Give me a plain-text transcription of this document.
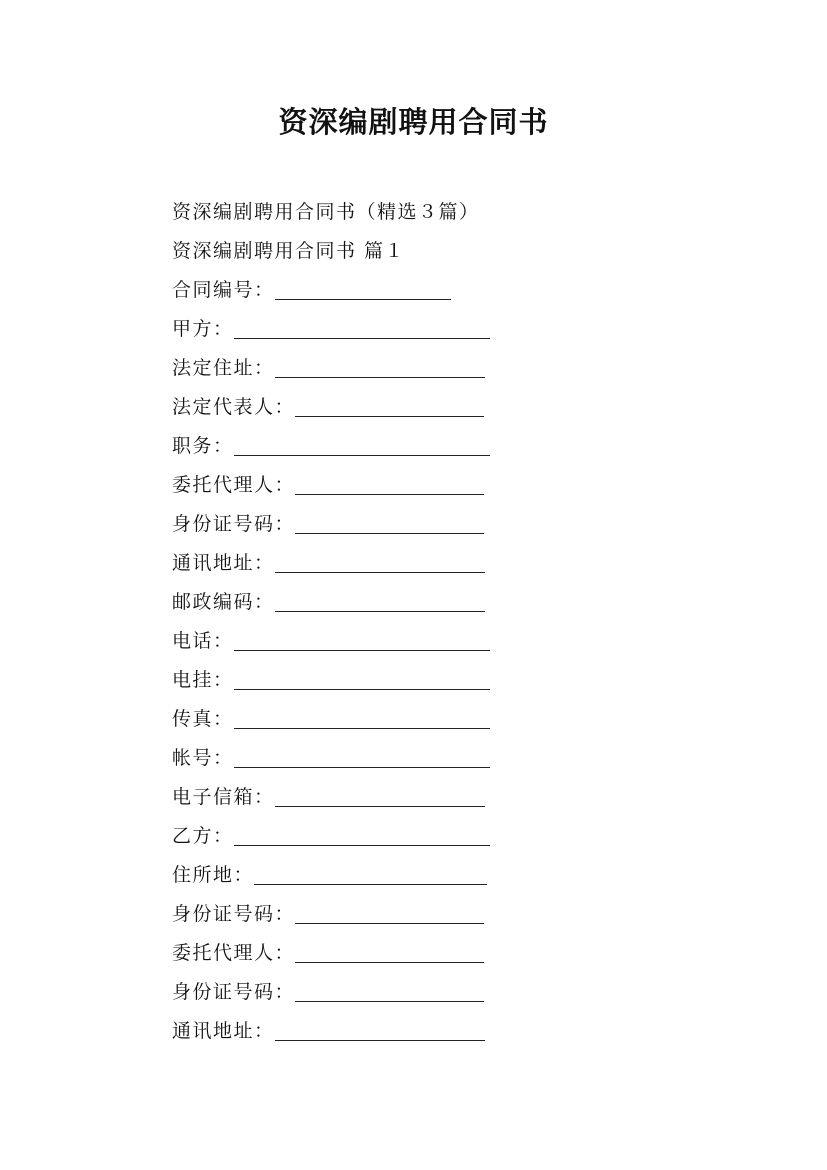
资深编剧聘用合同书
资深编剧聘用合同书（精选３篇）
资深编剧聘用合同书 篇１
合同编号：
甲方：
法定住址：
法定代表人：
职务：
委托代理人：
身份证号码：
通讯地址：
邮政编码：
电话：
电挂：
传真：
帐号：
电子信箱：
乙方：
住所地：
身份证号码：
委托代理人：
身份证号码：
通讯地址：
